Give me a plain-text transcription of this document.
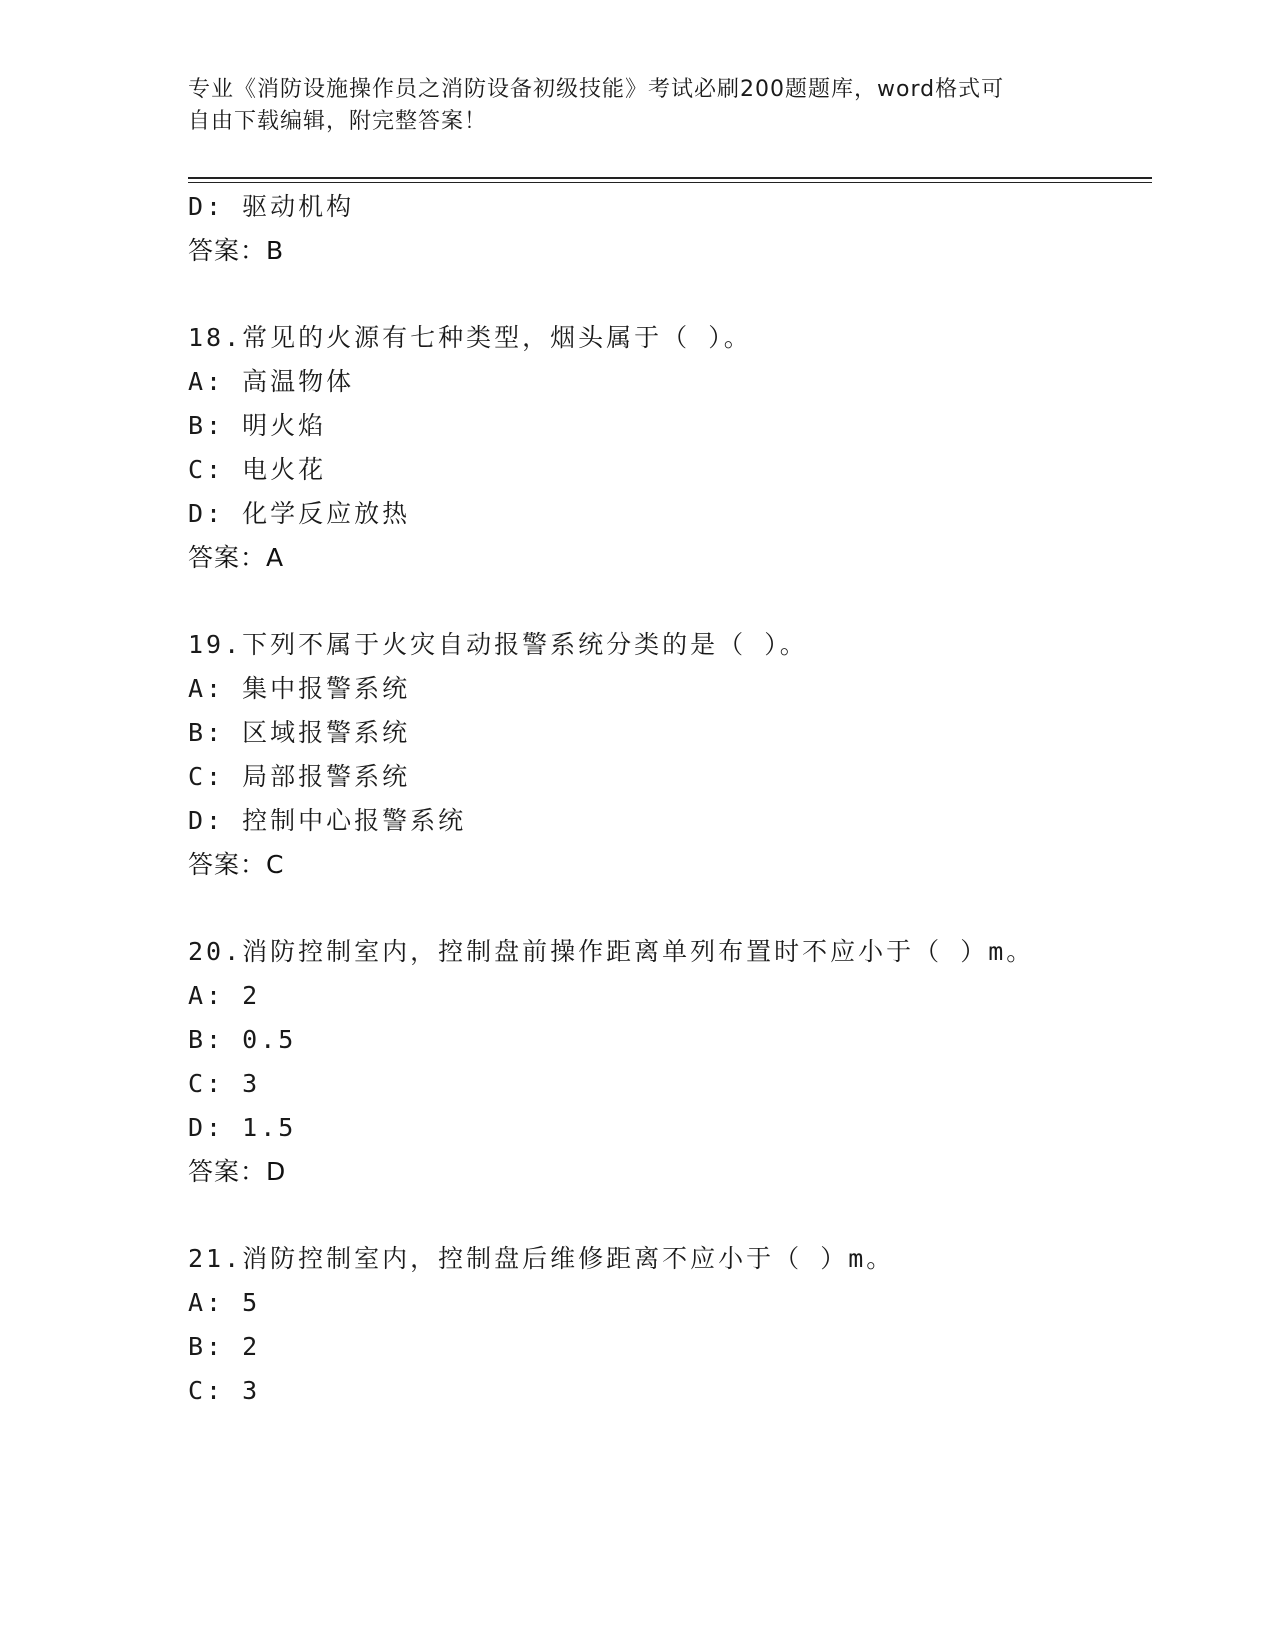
专业《消防设施操作员之消防设备初级技能》考试必刷200题题库，word格式可
自由下载编辑，附完整答案！
D: 驱动机构
答案：B
18.常见的火源有七种类型，烟头属于（ ）。
A: 高温物体
B: 明火焰
C: 电火花
D: 化学反应放热
答案：A
19.下列不属于火灾自动报警系统分类的是（ ）。
A: 集中报警系统
B: 区域报警系统
C: 局部报警系统
D: 控制中心报警系统
答案：C
20.消防控制室内，控制盘前操作距离单列布置时不应小于（ ）m。
A: 2
B: 0.5
C: 3
D: 1.5
答案：D
21.消防控制室内，控制盘后维修距离不应小于（ ）m。
A: 5
B: 2
C: 3
